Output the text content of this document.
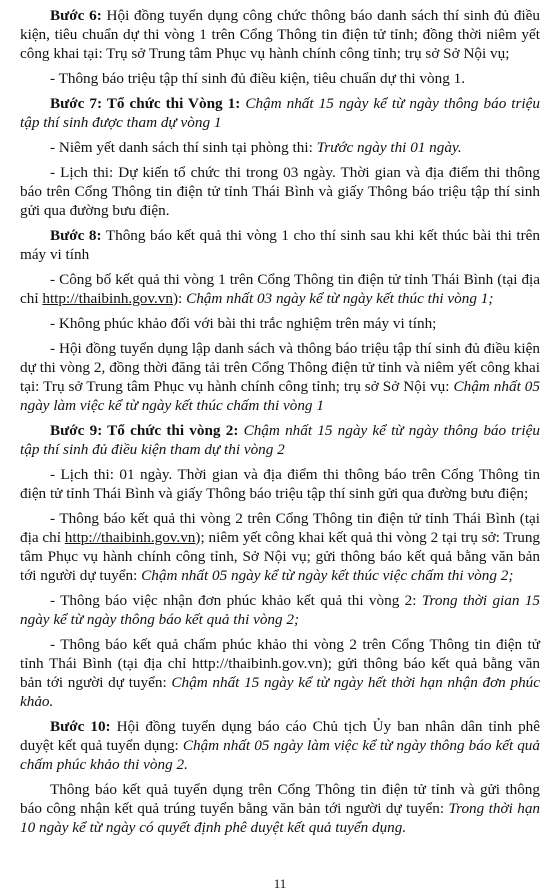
Bước 6: Hội đồng tuyển dụng công chức thông báo danh sách thí sinh đủ điều kiện, tiêu chuẩn dự thi vòng 1 trên Cổng Thông tin điện tử tỉnh; đồng thời niêm yết công khai tại: Trụ sở Trung tâm Phục vụ hành chính công tỉnh; trụ sở Sở Nội vụ;

- Thông báo triệu tập thí sinh đủ điều kiện, tiêu chuẩn dự thi vòng 1.

Bước 7: Tổ chức thi Vòng 1: Chậm nhất 15 ngày kể từ ngày thông báo triệu tập thí sinh được tham dự vòng 1

- Niêm yết danh sách thí sinh tại phòng thi: Trước ngày thi 01 ngày.

- Lịch thi: Dự kiến tổ chức thi trong 03 ngày. Thời gian và địa điểm thi thông báo trên Cổng Thông tin điện tử tỉnh Thái Bình và giấy Thông báo triệu tập thí sinh gửi qua đường bưu điện.

Bước 8: Thông báo kết quả thi vòng 1 cho thí sinh sau khi kết thúc bài thi trên máy vi tính

- Công bố kết quả thi vòng 1 trên Cổng Thông tin điện tử tỉnh Thái Bình (tại địa chỉ http://thaibinh.gov.vn): Chậm nhất 03 ngày kể từ ngày kết thúc thi vòng 1;

- Không phúc khảo đối với bài thi trắc nghiệm trên máy vi tính;

- Hội đồng tuyển dụng lập danh sách và thông báo triệu tập thí sinh đủ điều kiện dự thi vòng 2, đồng thời đăng tải trên Cổng Thông điện tử tỉnh và niêm yết công khai tại: Trụ sở Trung tâm Phục vụ hành chính công tỉnh; trụ sở Sở Nội vụ: Chậm nhất 05 ngày làm việc kể từ ngày kết thúc chấm thi vòng 1

Bước 9: Tổ chức thi vòng 2: Chậm nhất 15 ngày kể từ ngày thông báo triệu tập thí sinh đủ điều kiện tham dự thi vòng 2

- Lịch thi: 01 ngày. Thời gian và địa điểm thi thông báo trên Cổng Thông tin điện tử tỉnh Thái Bình và giấy Thông báo triệu tập thí sinh gửi qua đường bưu điện;

- Thông báo kết quả thi vòng 2 trên Cổng Thông tin điện tử tỉnh Thái Bình (tại địa chỉ http://thaibinh.gov.vn); niêm yết công khai kết quả thi vòng 2 tại trụ sở: Trung tâm Phục vụ hành chính công tỉnh, Sở Nội vụ; gửi thông báo kết quả bằng văn bản tới người dự tuyển: Chậm nhất 05 ngày kể từ ngày kết thúc việc chấm thi vòng 2;

- Thông báo việc nhận đơn phúc khảo kết quả thi vòng 2: Trong thời gian 15 ngày kể từ ngày thông báo kết quả thi vòng 2;

- Thông báo kết quả chấm phúc khảo thi vòng 2 trên Cổng Thông tin điện tử tỉnh Thái Bình (tại địa chỉ http://thaibinh.gov.vn); gửi thông báo kết quả bằng văn bản tới người dự tuyển: Chậm nhất 15 ngày kể từ ngày hết thời hạn nhận đơn phúc khảo.

Bước 10: Hội đồng tuyển dụng báo cáo Chủ tịch Ủy ban nhân dân tỉnh phê duyệt kết quả tuyển dụng: Chậm nhất 05 ngày làm việc kể từ ngày thông báo kết quả chấm phúc khảo thi vòng 2.

Thông báo kết quả tuyển dụng trên Cổng Thông tin điện tử tỉnh và gửi thông báo công nhận kết quả trúng tuyển bằng văn bản tới người dự tuyển: Trong thời hạn 10 ngày kể từ ngày có quyết định phê duyệt kết quả tuyển dụng.

11
